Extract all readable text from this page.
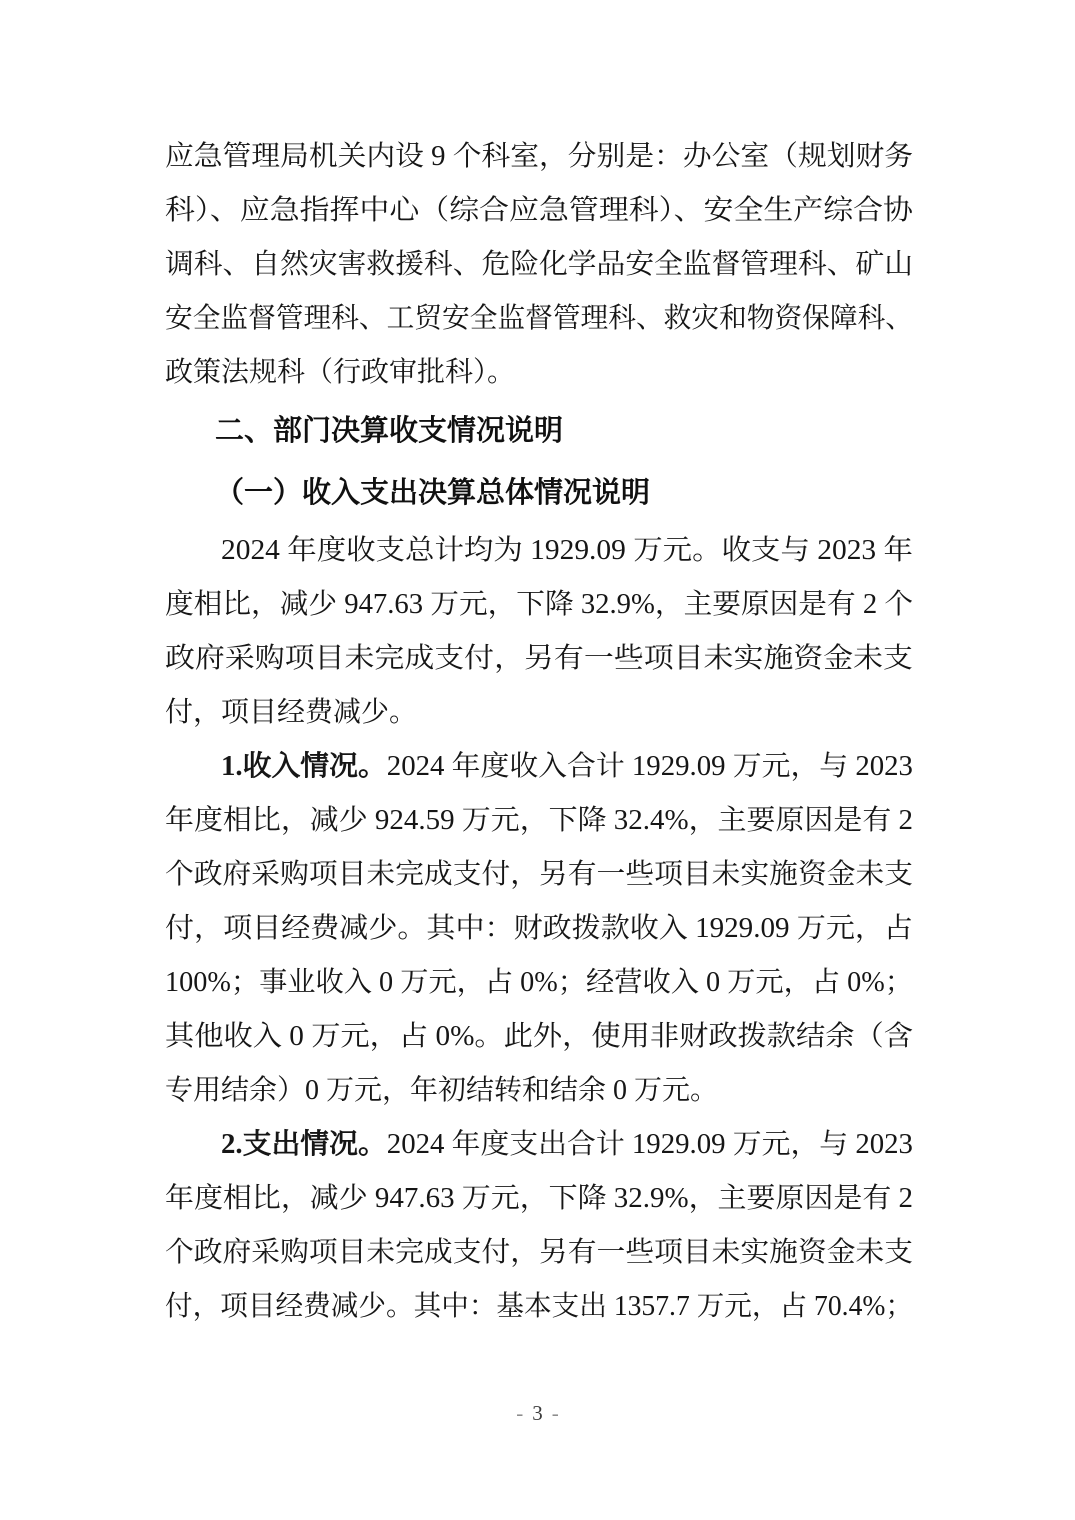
应急管理局机关内设 9 个科室，分别是：办公室（规划财务
科）、应急指挥中心（综合应急管理科）、安全生产综合协
调科、自然灾害救援科、危险化学品安全监督管理科、矿山
安全监督管理科、工贸安全监督管理科、救灾和物资保障科、
政策法规科（行政审批科）。
二、部门决算收支情况说明
（一）收入支出决算总体情况说明
2024 年度收支总计均为 1929.09 万元。收支与 2023 年
度相比，减少 947.63 万元，下降 32.9%，主要原因是有 2 个
政府采购项目未完成支付，另有一些项目未实施资金未支
付，项目经费减少。
1.收入情况。2024 年度收入合计 1929.09 万元，与 2023
年度相比，减少 924.59 万元，下降 32.4%，主要原因是有 2
个政府采购项目未完成支付，另有一些项目未实施资金未支
付，项目经费减少。其中：财政拨款收入 1929.09 万元，占
100%；事业收入 0 万元，占 0%；经营收入 0 万元，占 0%；
其他收入 0 万元，占 0%。此外，使用非财政拨款结余（含
专用结余）0 万元，年初结转和结余 0 万元。
2.支出情况。2024 年度支出合计 1929.09 万元，与 2023
年度相比，减少 947.63 万元，下降 32.9%，主要原因是有 2
个政府采购项目未完成支付，另有一些项目未实施资金未支
付，项目经费减少。其中：基本支出 1357.7 万元，占 70.4%；
- 3 -
